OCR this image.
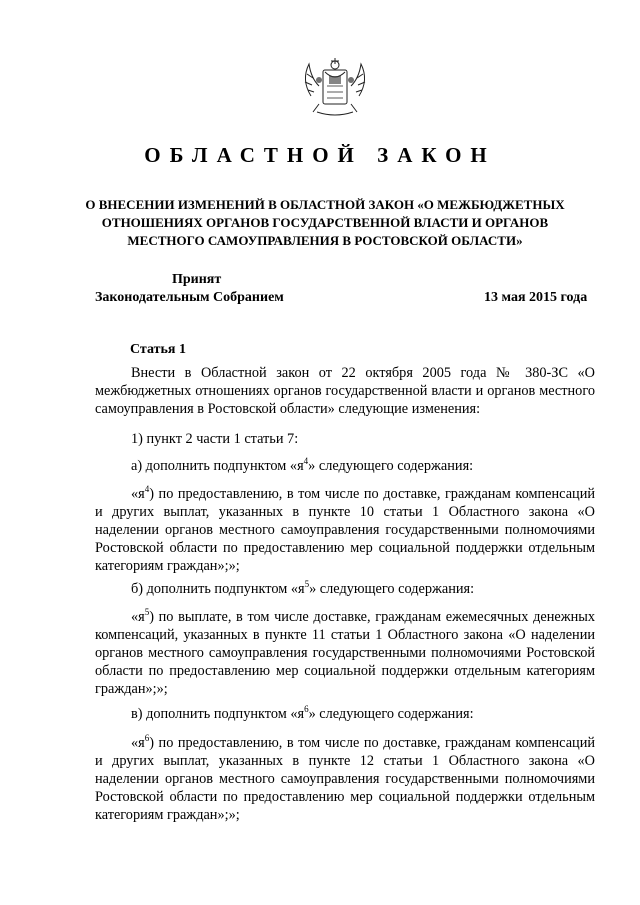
ОБЛАСТНОЙ ЗАКОН
О ВНЕСЕНИИ ИЗМЕНЕНИЙ В ОБЛАСТНОЙ ЗАКОН «О МЕЖБЮДЖЕТНЫХ ОТНОШЕНИЯХ ОРГАНОВ ГОСУДАРСТВЕННОЙ ВЛАСТИ И ОРГАНОВ МЕСТНОГО САМОУПРАВЛЕНИЯ В РОСТОВСКОЙ ОБЛАСТИ»
Принят
Законодательным Собранием	13 мая 2015 года
Статья 1
Внести в Областной закон от 22 октября 2005 года № 380-ЗС «О межбюджетных отношениях органов государственной власти и органов местного самоуправления в Ростовской области» следующие изменения:
1) пункт 2 части 1 статьи 7:
а) дополнить подпунктом «$я^4$» следующего содержания:
«$я^4$) по предоставлению, в том числе по доставке, гражданам компенсаций и других выплат, указанных в пункте 10 статьи 1 Областного закона «О наделении органов местного самоуправления государственными полномочиями Ростовской области по предоставлению мер социальной поддержки отдельным категориям граждан»;»;
б) дополнить подпунктом «$я^5$» следующего содержания:
«$я^5$) по выплате, в том числе доставке, гражданам ежемесячных денежных компенсаций, указанных в пункте 11 статьи 1 Областного закона «О наделении органов местного самоуправления государственными полномочиями Ростовской области по предоставлению мер социальной поддержки отдельным категориям граждан»;»;
в) дополнить подпунктом «$я^6$» следующего содержания:
«$я^6$) по предоставлению, в том числе по доставке, гражданам компенсаций и других выплат, указанных в пункте 12 статьи 1 Областного закона «О наделении органов местного самоуправления государственными полномочиями Ростовской области по предоставлению мер социальной поддержки отдельным категориям граждан»;»;
